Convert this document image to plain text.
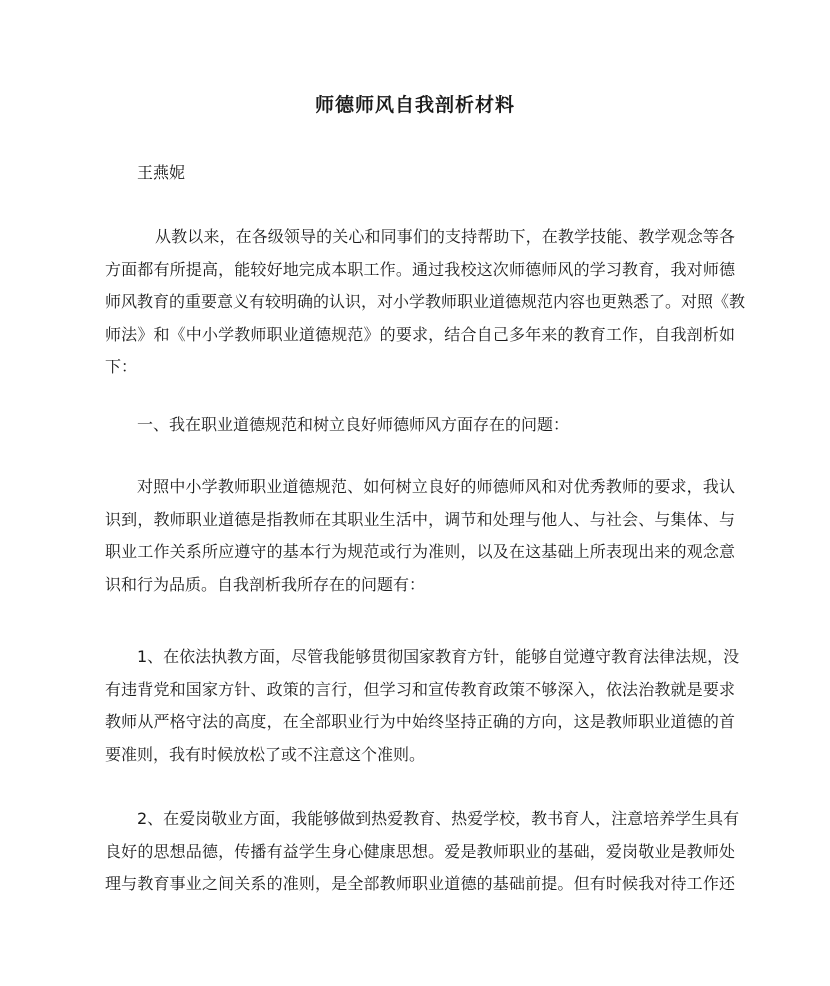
师德师风自我剖析材料
王燕妮
从教以来，在各级领导的关心和同事们的支持帮助下，在教学技能、教学观念等各
方面都有所提高，能较好地完成本职工作。通过我校这次师德师风的学习教育，我对师德
师风教育的重要意义有较明确的认识，对小学教师职业道德规范内容也更熟悉了。对照《教
师法》和《中小学教师职业道德规范》的要求，结合自己多年来的教育工作，自我剖析如
下：
一、我在职业道德规范和树立良好师德师风方面存在的问题：
对照中小学教师职业道德规范、如何树立良好的师德师风和对优秀教师的要求，我认
识到，教师职业道德是指教师在其职业生活中，调节和处理与他人、与社会、与集体、与
职业工作关系所应遵守的基本行为规范或行为准则，以及在这基础上所表现出来的观念意
识和行为品质。自我剖析我所存在的问题有：
1、在依法执教方面，尽管我能够贯彻国家教育方针，能够自觉遵守教育法律法规，没
有违背党和国家方针、政策的言行，但学习和宣传教育政策不够深入，依法治教就是要求
教师从严格守法的高度，在全部职业行为中始终坚持正确的方向，这是教师职业道德的首
要准则，我有时候放松了或不注意这个准则。
2、在爱岗敬业方面，我能够做到热爱教育、热爱学校，教书育人，注意培养学生具有
良好的思想品德，传播有益学生身心健康思想。爱是教师职业的基础，爱岗敬业是教师处
理与教育事业之间关系的准则，是全部教师职业道德的基础前提。但有时候我对待工作还
